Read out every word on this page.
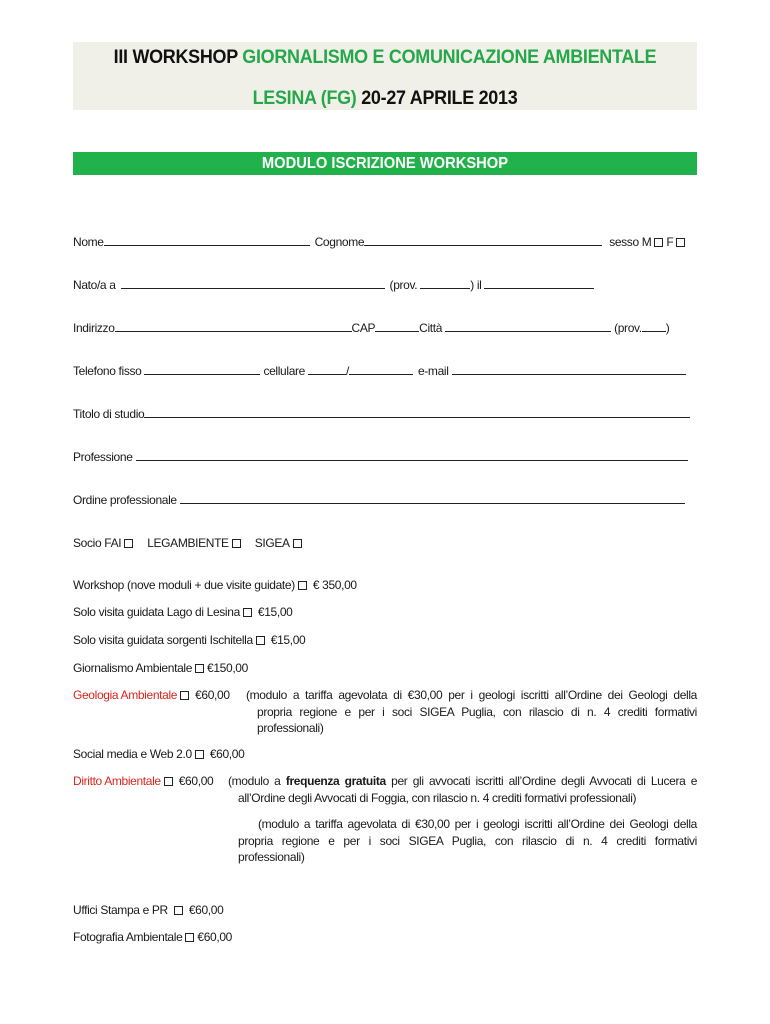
III WORKSHOP GIORNALISMO E COMUNICAZIONE AMBIENTALE
LESINA (FG) 20-27 APRILE 2013
MODULO ISCRIZIONE WORKSHOP
Nome	Cognome	sesso M F
Nato/a a	(prov.	) il
Indirizzo	CAP	Città	(prov. )
Telefono fisso	cellulare	/	e-mail
Titolo di studio
Professione
Ordine professionale
Socio FAI LEGAMBIENTE SIGEA
Workshop (nove moduli + due visite guidate) € 350,00
Solo visita guidata Lago di Lesina €15,00
Solo visita guidata sorgenti Ischitella €15,00
Giornalismo Ambientale €150,00
Geologia Ambientale €60,00 (modulo a tariffa agevolata di €30,00 per i geologi iscritti all’Ordine dei Geologi della
propria regione e per i soci SIGEA Puglia, con rilascio di n. 4 crediti formativi
professionali)
Social media e Web 2.0 €60,00
Diritto Ambientale €60,00 (modulo a frequenza gratuita per gli avvocati iscritti all’Ordine degli Avvocati di Lucera e
all’Ordine degli Avvocati di Foggia, con rilascio n. 4 crediti formativi professionali)
(modulo a tariffa agevolata di €30,00 per i geologi iscritti all’Ordine dei Geologi della
propria regione e per i soci SIGEA Puglia, con rilascio di n. 4 crediti formativi
professionali)
Uffici Stampa e PR €60,00
Fotografia Ambientale €60,00
